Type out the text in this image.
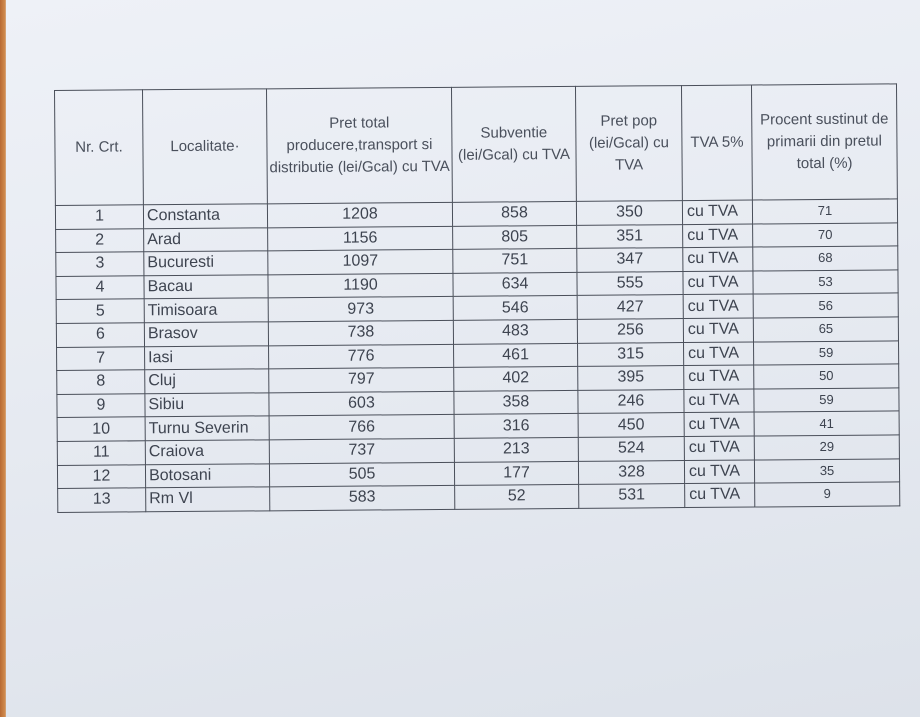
Nr. Crt.	Localitate·	Pret total producere,transport si distributie (lei/Gcal) cu TVA	Subventie (lei/Gcal) cu TVA	Pret pop (lei/Gcal) cu TVA	TVA 5%	Procent sustinut de primarii din pretul total (%)
1	Constanta	1208	858	350	cu TVA	71
2	Arad	1156	805	351	cu TVA	70
3	Bucuresti	1097	751	347	cu TVA	68
4	Bacau	1190	634	555	cu TVA	53
5	Timisoara	973	546	427	cu TVA	56
6	Brasov	738	483	256	cu TVA	65
7	Iasi	776	461	315	cu TVA	59
8	Cluj	797	402	395	cu TVA	50
9	Sibiu	603	358	246	cu TVA	59
10	Turnu Severin	766	316	450	cu TVA	41
11	Craiova	737	213	524	cu TVA	29
12	Botosani	505	177	328	cu TVA	35
13	Rm Vl	583	52	531	cu TVA	9
